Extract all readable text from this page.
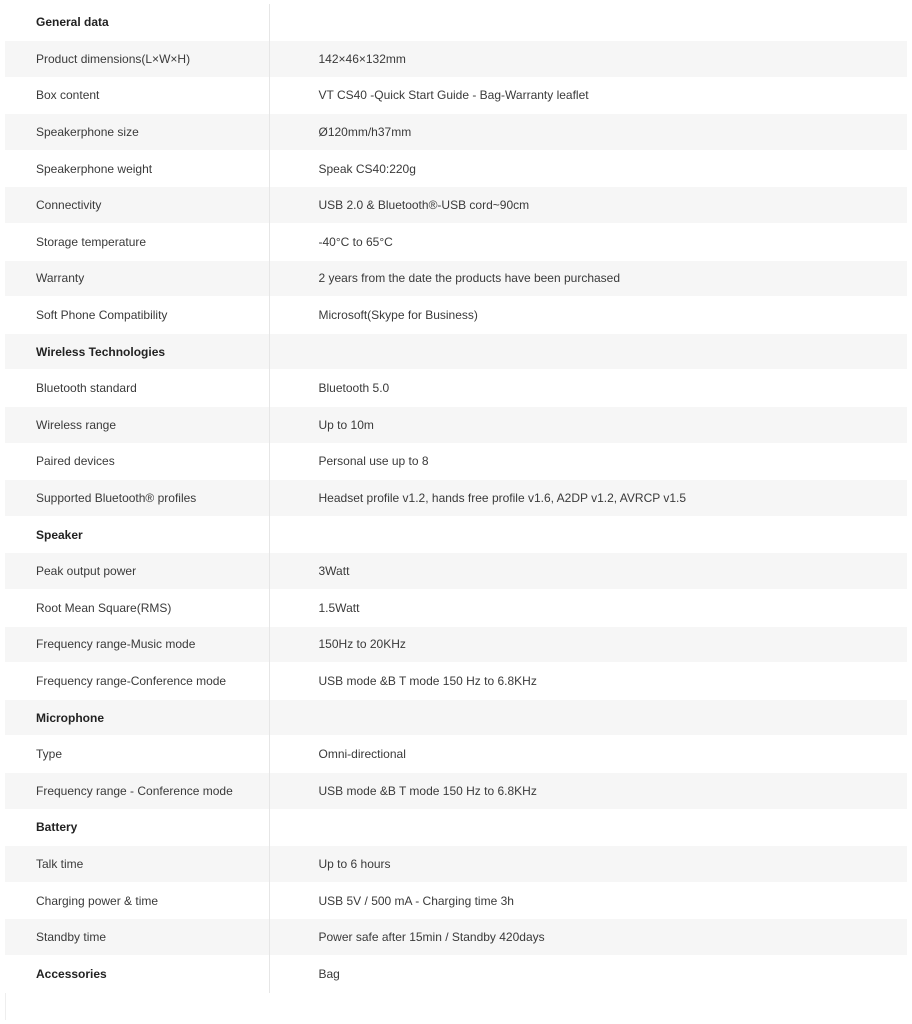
General data	
Product dimensions(L×W×H)	142×46×132mm
Box content	VT CS40 -Quick Start Guide - Bag-Warranty leaflet
Speakerphone size	Ø120mm/h37mm
Speakerphone weight	Speak CS40:220g
Connectivity	USB 2.0 & Bluetooth®-USB cord~90cm
Storage temperature	-40°C to 65°C
Warranty	2 years from the date the products have been purchased
Soft Phone Compatibility	Microsoft(Skype for Business)
Wireless Technologies	
Bluetooth standard	Bluetooth 5.0
Wireless range	Up to 10m
Paired devices	Personal use up to 8
Supported Bluetooth® profiles	Headset profile v1.2, hands free profile v1.6, A2DP v1.2, AVRCP v1.5
Speaker	
Peak output power	3Watt
Root Mean Square(RMS)	1.5Watt
Frequency range-Music mode	150Hz to 20KHz
Frequency range-Conference mode	USB mode &B T mode 150 Hz to 6.8KHz
Microphone	
Type	Omni-directional
Frequency range - Conference mode	USB mode &B T mode 150 Hz to 6.8KHz
Battery	
Talk time	Up to 6 hours
Charging power & time	USB 5V / 500 mA - Charging time 3h
Standby time	Power safe after 15min / Standby 420days
Accessories	Bag
